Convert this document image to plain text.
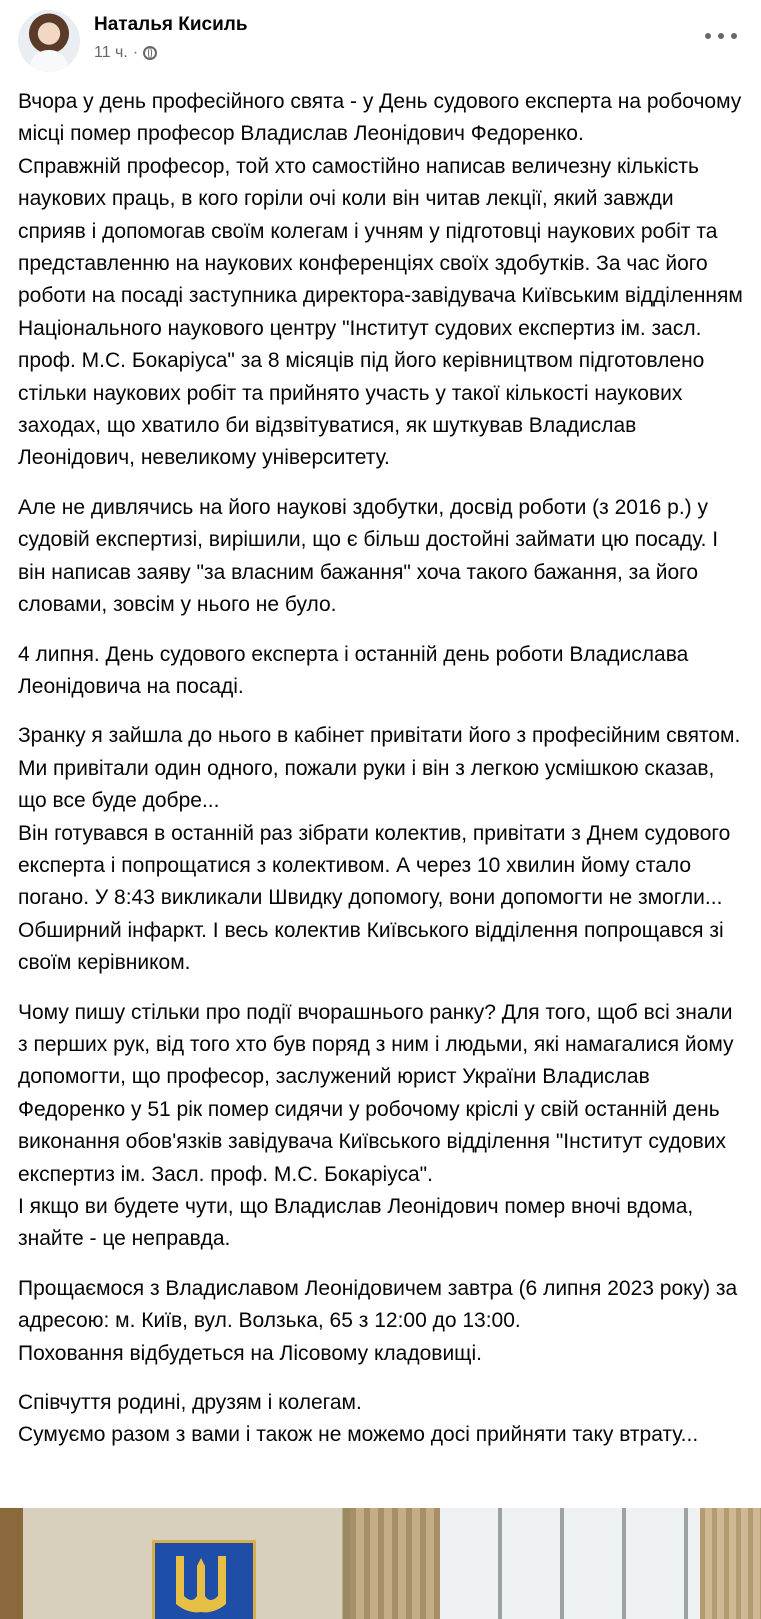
Наталья Кисиль
11 ч. ·

Вчора у день професійного свята - у День судового експерта на робочому місці помер професор Владислав Леонідович Федоренко.
Справжній професор, той хто самостійно написав величезну кількість наукових праць, в кого горіли очі коли він читав лекції, який завжди сприяв і допомогав своїм колегам і учням у підготовці наукових робіт та представленню на наукових конференціях своїх здобутків. За час його роботи на посаді заступника директора-завідувача Київським відділенням Національного наукового центру "Інститут судових експертиз ім. засл. проф. М.С. Бокаріуса" за 8 місяців під його керівництвом підготовлено стільки наукових робіт та прийнято участь у такої кількості наукових заходах, що хватило би відзвітуватися, як шуткував Владислав Леонідович, невеликому університету.

Але не дивлячись на його наукові здобутки, досвід роботи (з 2016 р.) у судовій експертизі, вирішили, що є більш достойні займати цю посаду. І він написав заяву "за власним бажання" хоча такого бажання, за його словами, зовсім у нього не було.

4 липня. День судового експерта і останній день роботи Владислава Леонідовича на посаді.

Зранку я зайшла до нього в кабінет привітати його з професійним святом. Ми привітали один одного, пожали руки і він з легкою усмішкою сказав, що все буде добре...
Він готувався в останній раз зібрати колектив, привітати з Днем судового експерта і попрощатися з колективом. А через 10 хвилин йому стало погано. У 8:43 викликали Швидку допомогу, вони допомогти не змогли... Обширний інфаркт. І весь колектив Київського відділення попрощався зі своїм керівником.

Чому пишу стільки про події вчорашнього ранку? Для того, щоб всі знали з перших рук, від того хто був поряд з ним і людьми, які намагалися йому допомогти, що професор, заслужений юрист України Владислав Федоренко у 51 рік помер сидячи у робочому кріслі у свій останній день виконання обов'язків завідувача Київського відділення "Інститут судових експертиз ім. Засл. проф. М.С. Бокаріуса".
І якщо ви будете чути, що Владислав Леонідович помер вночі вдома, знайте - це неправда.

Прощаємося з Владиславом Леонідовичем завтра (6 липня 2023 року) за адресою: м. Київ, вул. Волзька, 65 з 12:00 до 13:00.
Поховання відбудеться на Лісовому кладовищі.

Співчуття родині, друзям і колегам.
Сумуємо разом з вами і також не можемо досі прийняти таку втрату...
